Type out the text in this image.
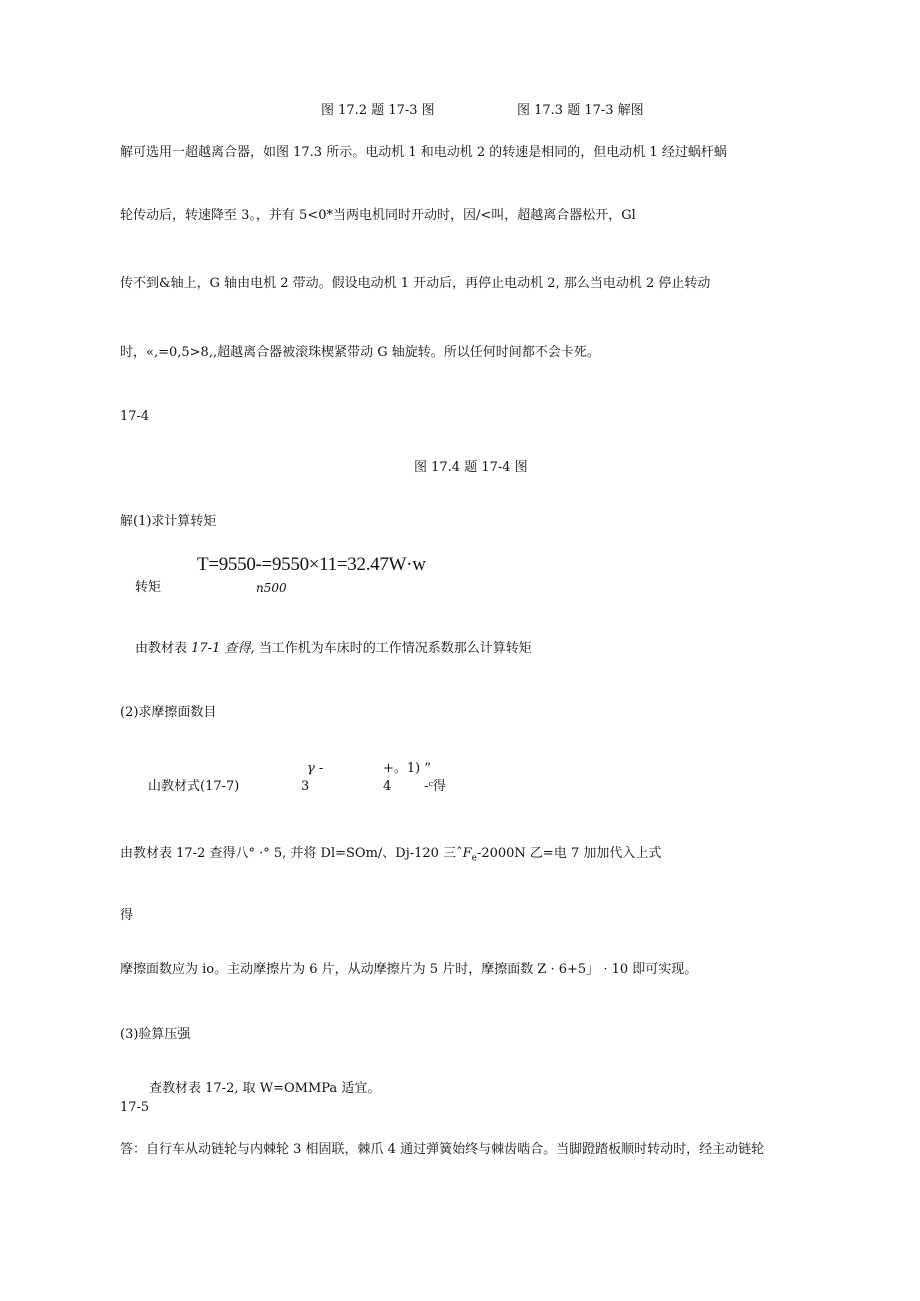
图 17.2 题 17-3 图	图 17.3 题 17-3 解图
解可选用一超越离合器，如图 17.3 所示。电动机 1 和电动机 2 的转速是相同的，但电动机 1 经过蜗杆蜗
轮传动后，转速降至 3。，并有 5<0*当两电机同时开动时，因/<叫，超越离合器松开，Gl
传不到&轴上，G 轴由电机 2 带动。假设电动机 1 开动后，再停止电动机 2, 那么当电动机 2 停止转动
时，«,=0,5>8,,超越离合器被滚珠楔紧带动 G 轴旋转。所以任何时间都不会卡死。
17-4
图 17.4 题 17-4 图
解(1)求计算转矩
T=9550-=9550×11=32.47W·w
转矩	n500
由教材表 17-1 查得, 当工作机为车床时的工作情况系数那么计算转矩
(2)求摩擦面数目
γ -	+。1) ”
山教材式(17-7)	3	4	-ᶜ得
由教材表 17-2 查得八° ·° 5, 并将 Dl=SOm/、Dj-120 三ˆF$_e$-2000N 乙=电 7 加加代入上式
得
摩擦面数应为 io。主动摩擦片为 6 片，从动摩擦片为 5 片时，摩擦面数 Z · 6+5」 · 10 即可实现。
(3)验算压强
查教材表 17-2, 取 W=OMMPa 适宜。
17-5
答：自行车从动链轮与内棘轮 3 相固联，棘爪 4 通过弹簧始终与棘齿啮合。当脚蹬踏板顺时转动时，经主动链轮
